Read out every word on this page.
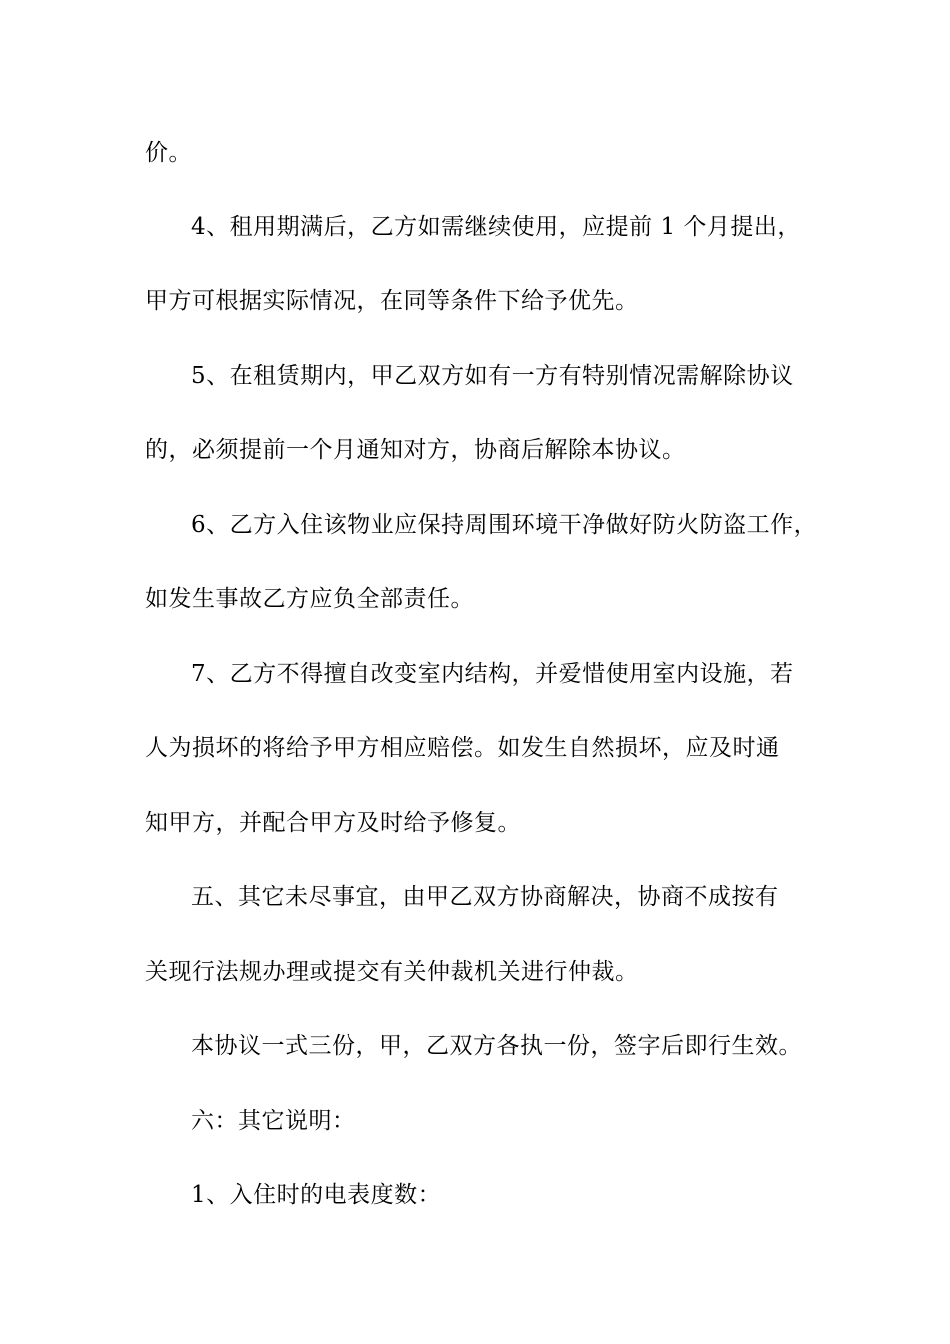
价。
4、租用期满后，乙方如需继续使用，应提前 1 个月提出，
甲方可根据实际情况，在同等条件下给予优先。
5、在租赁期内，甲乙双方如有一方有特别情况需解除协议
的，必须提前一个月通知对方，协商后解除本协议。
6、乙方入住该物业应保持周围环境干净做好防火防盗工作，
如发生事故乙方应负全部责任。
7、乙方不得擅自改变室内结构，并爱惜使用室内设施，若
人为损坏的将给予甲方相应赔偿。如发生自然损坏，应及时通
知甲方，并配合甲方及时给予修复。
五、其它未尽事宜，由甲乙双方协商解决，协商不成按有
关现行法规办理或提交有关仲裁机关进行仲裁。
本协议一式三份，甲，乙双方各执一份，签字后即行生效。
六：其它说明：
1、入住时的电表度数：
